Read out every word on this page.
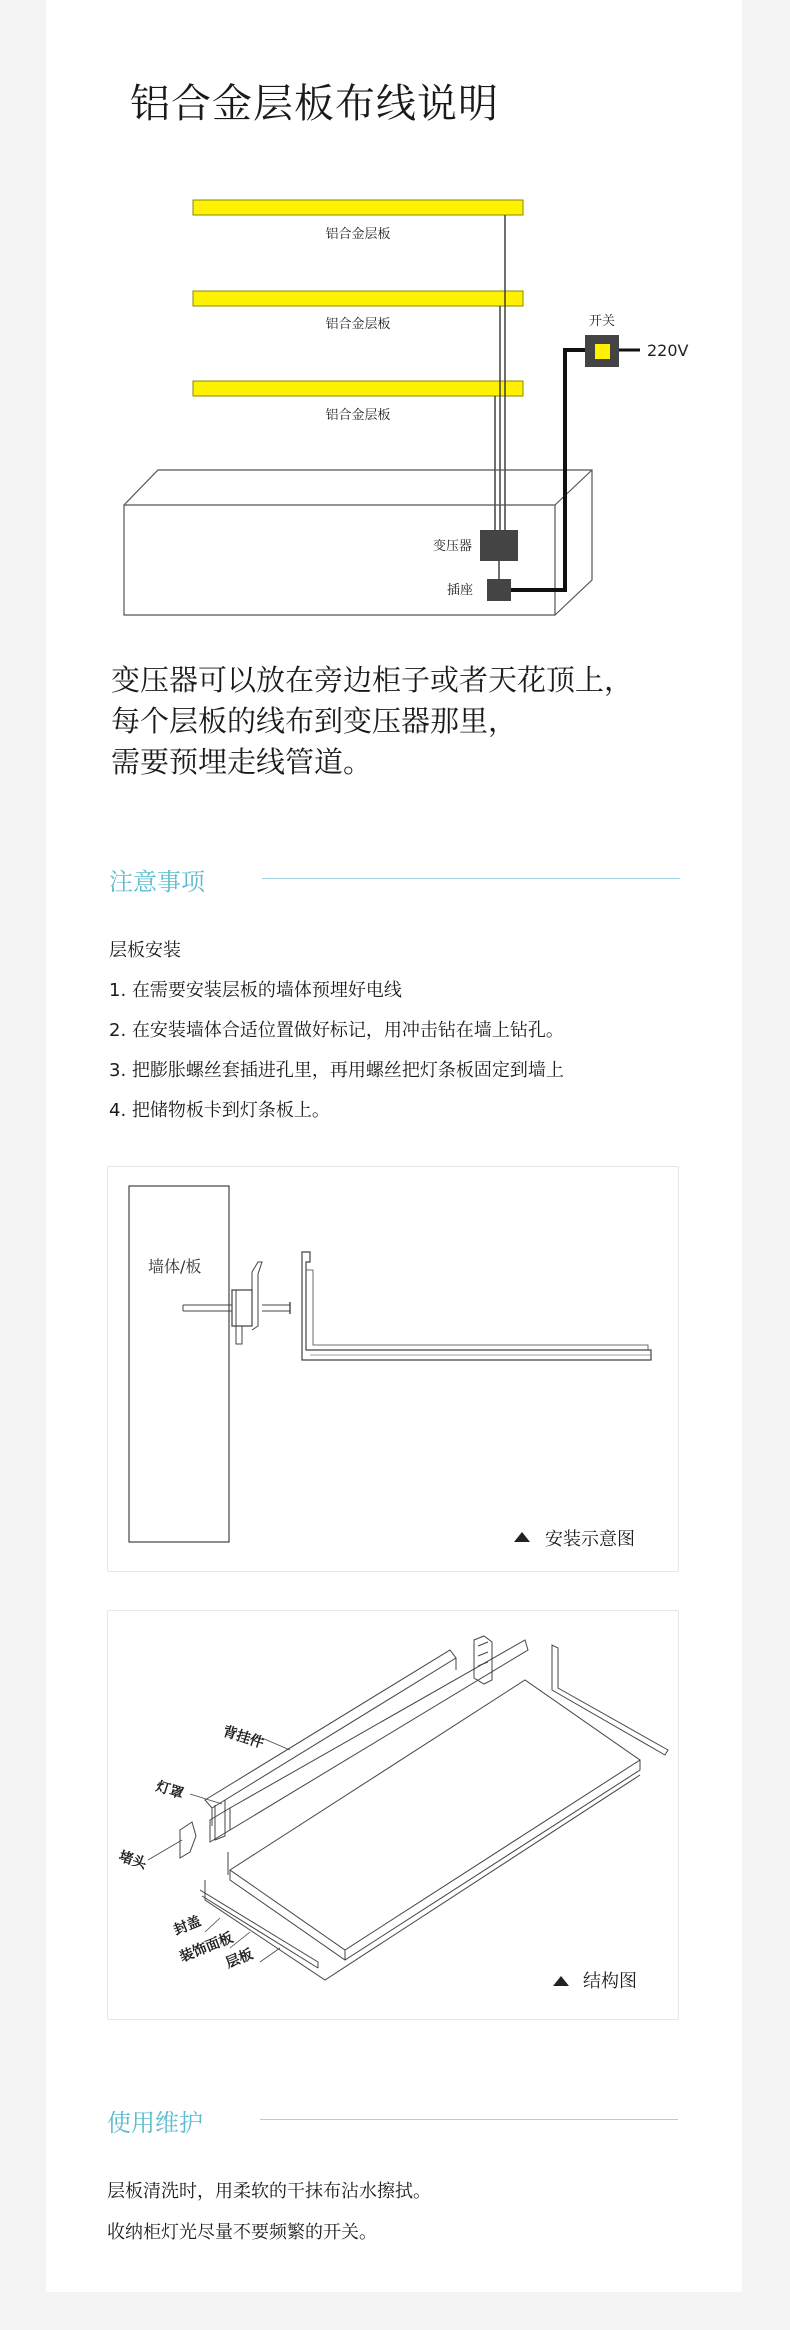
铝合金层板布线说明
铝合金层板
铝合金层板
铝合金层板
变压器
插座
开关
220V
变压器可以放在旁边柜子或者天花顶上，
每个层板的线布到变压器那里，
需要预埋走线管道。
注意事项
层板安装
1. 在需要安装层板的墙体预埋好电线
2. 在安装墙体合适位置做好标记，用冲击钻在墙上钻孔。
3. 把膨胀螺丝套插进孔里，再用螺丝把灯条板固定到墙上
4. 把储物板卡到灯条板上。
墙体/板
安装示意图
背挂件
灯罩
堵头
封盖
装饰面板
层板
结构图
使用维护
层板清洗时，用柔软的干抹布沾水擦拭。
收纳柜灯光尽量不要频繁的开关。
